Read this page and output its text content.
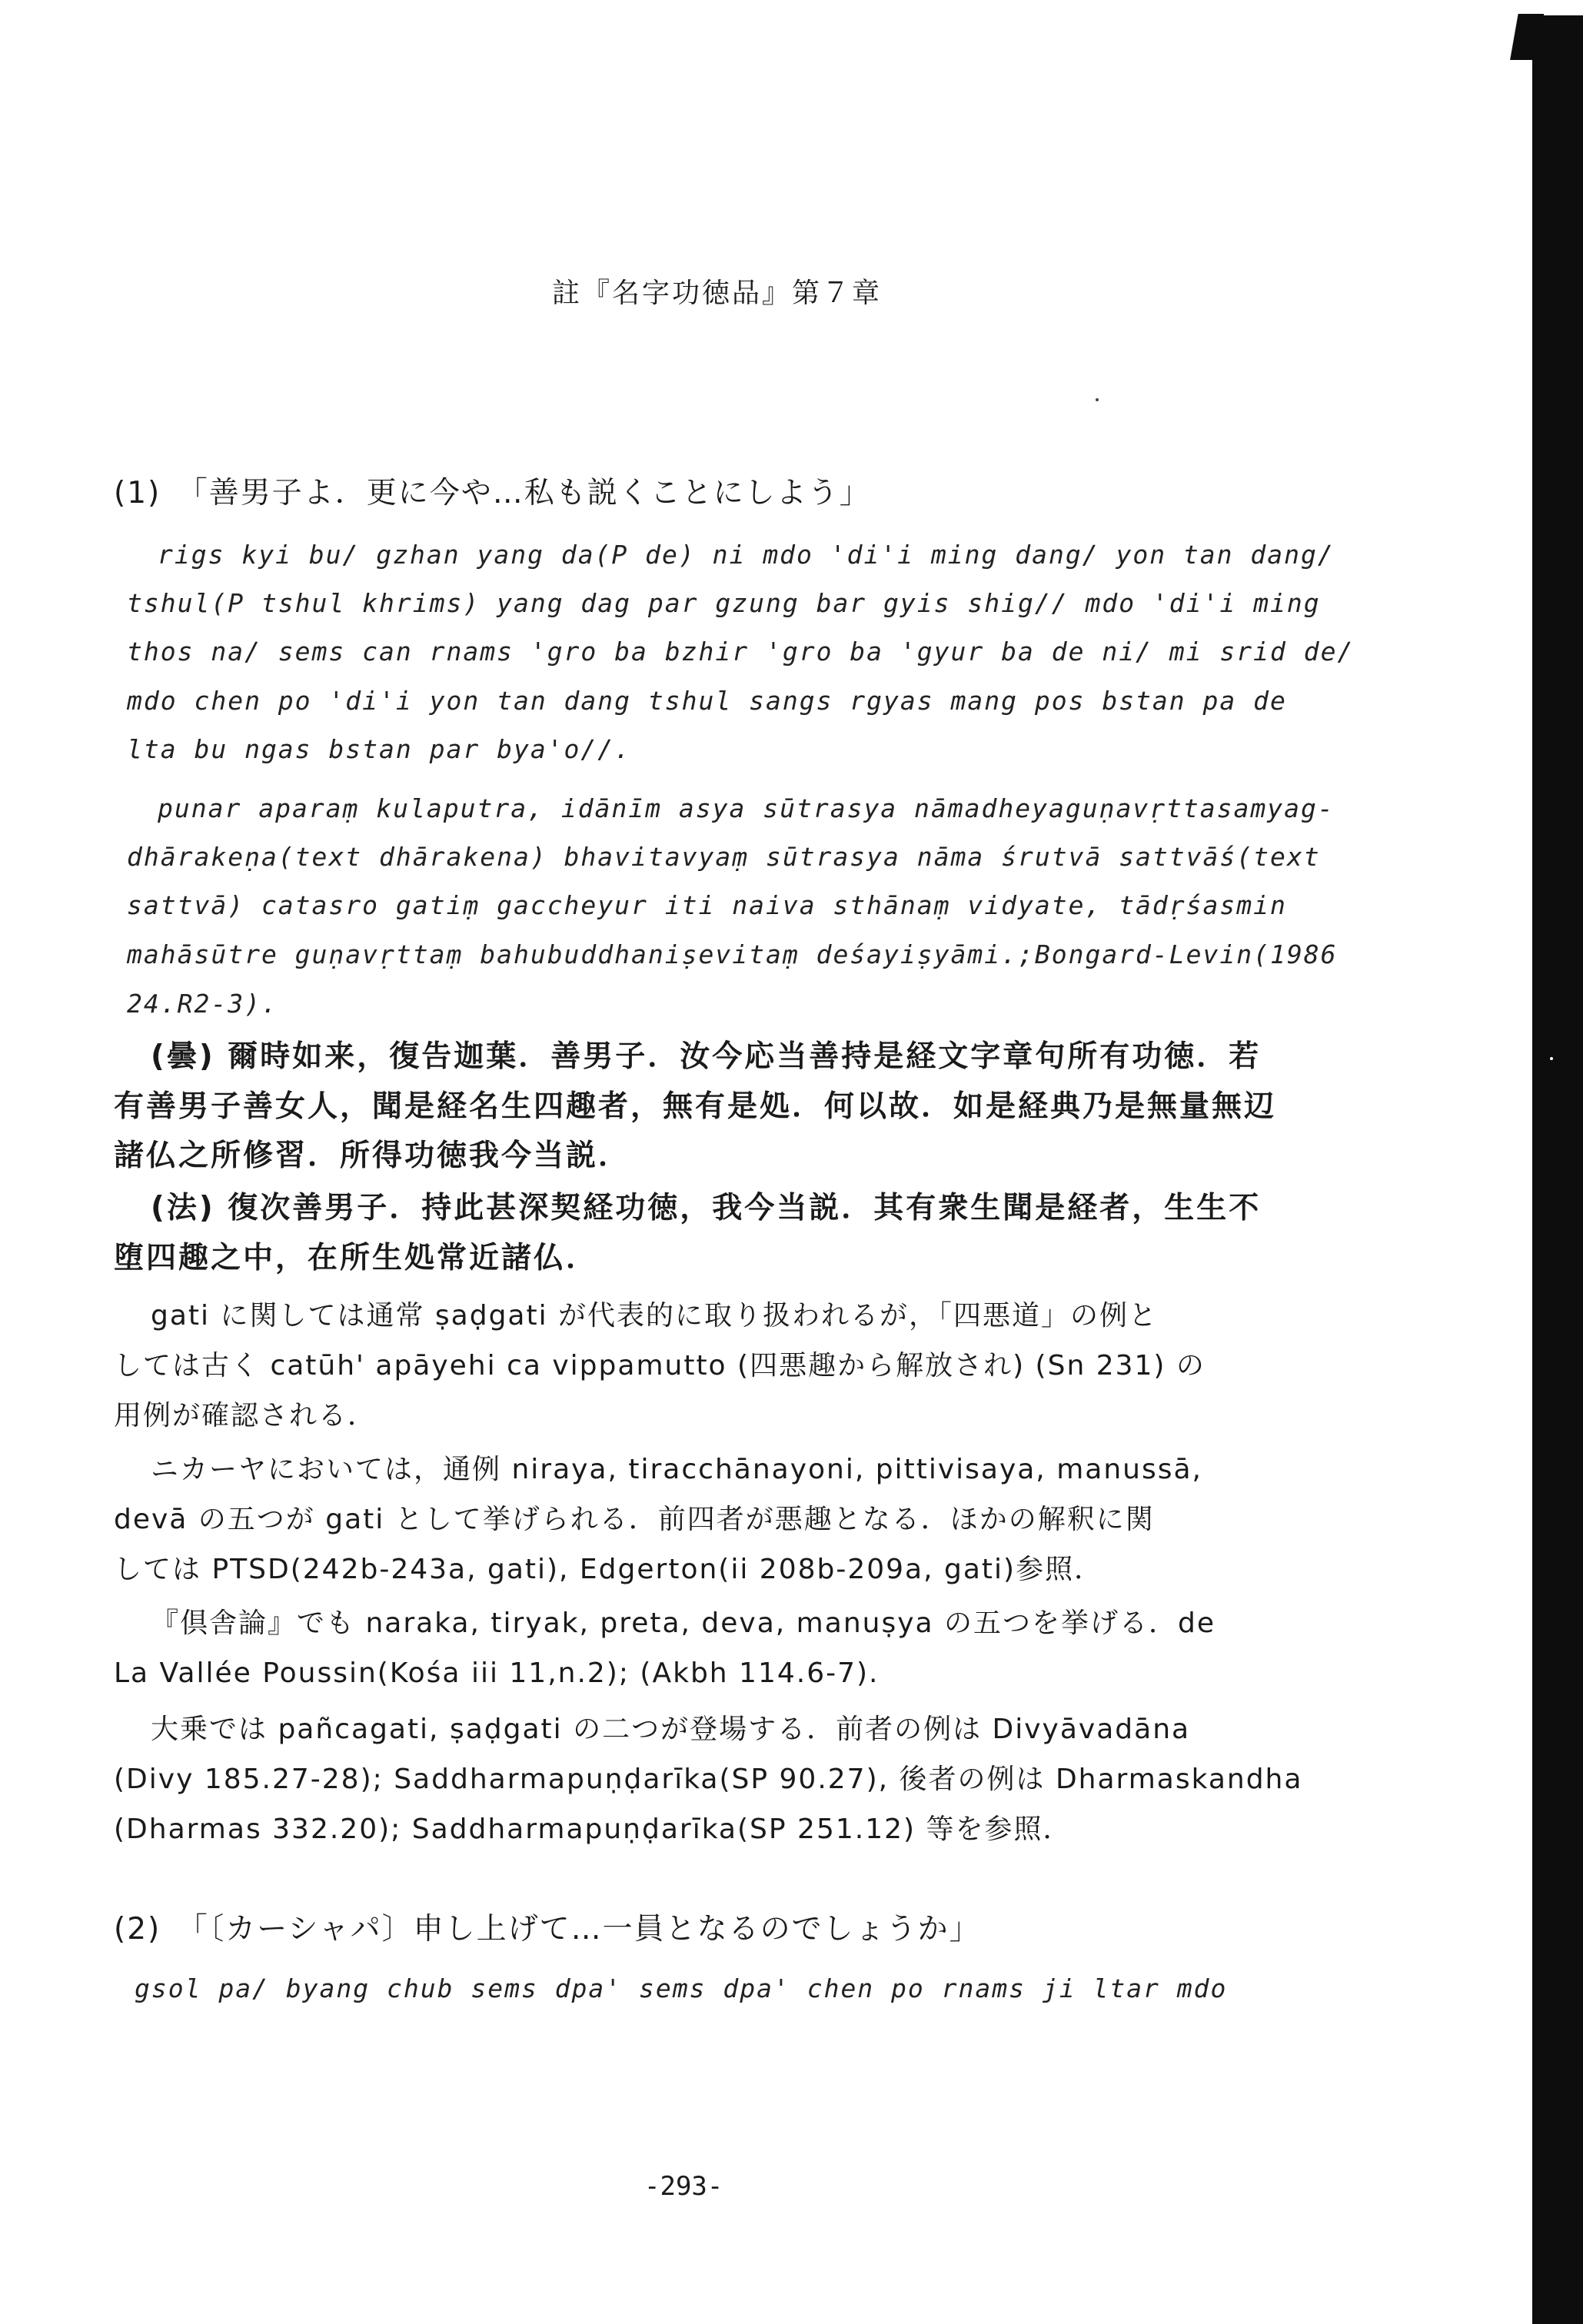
註『名字功徳品』第７章
(1)　「善男子よ．更に今や…私も説くことにしよう」
rigs kyi bu/ gzhan yang da(P de) ni mdo 'di'i ming dang/ yon tan dang/
tshul(P tshul khrims) yang dag par gzung bar gyis shig// mdo 'di'i ming
thos na/ sems can rnams 'gro ba bzhir 'gro ba 'gyur ba de ni/ mi srid de/
mdo chen po 'di'i yon tan dang tshul sangs rgyas mang pos bstan pa de
lta bu ngas bstan par bya'o//.
punar aparaṃ kulaputra, idānīm asya sūtrasya nāmadheyaguṇavṛttasamyag-
dhārakeṇa(text dhārakena) bhavitavyaṃ sūtrasya nāma śrutvā sattvāś(text
sattvā) catasro gatiṃ gaccheyur iti naiva sthānaṃ vidyate, tādṛśasmin
mahāsūtre guṇavṛttaṃ bahubuddhaniṣevitaṃ deśayiṣyāmi.;Bongard-Levin(1986
24.R2-3).
(曇) 爾時如来，復告迦葉．善男子．汝今応当善持是経文字章句所有功徳．若
有善男子善女人，聞是経名生四趣者，無有是処．何以故．如是経典乃是無量無辺
諸仏之所修習．所得功徳我今当説．
(法) 復次善男子．持此甚深契経功徳，我今当説．其有衆生聞是経者，生生不
堕四趣之中，在所生処常近諸仏．
gati に関しては通常 ṣaḍgati が代表的に取り扱われるが，「四悪道」の例と
しては古く catūh' apāyehi ca vippamutto (四悪趣から解放され) (Sn 231) の
用例が確認される．
ニカーヤにおいては，通例 niraya, tiracchānayoni, pittivisaya, manussā,
devā の五つが gati として挙げられる．前四者が悪趣となる．ほかの解釈に関
しては PTSD(242b-243a, gati), Edgerton(ii 208b-209a, gati)参照．
『倶舎論』でも naraka, tiryak, preta, deva, manuṣya の五つを挙げる．de
La Vallée Poussin(Kośa iii 11,n.2); (Akbh 114.6-7).
大乗では pañcagati, ṣaḍgati の二つが登場する．前者の例は Divyāvadāna
(Divy 185.27-28); Saddharmapuṇḍarīka(SP 90.27), 後者の例は Dharmaskandha
(Dharmas 332.20); Saddharmapuṇḍarīka(SP 251.12) 等を参照．
(2)　「〔カーシャパ〕申し上げて…一員となるのでしょうか」
gsol pa/ byang chub sems dpa' sems dpa' chen po rnams ji ltar mdo
-293-
